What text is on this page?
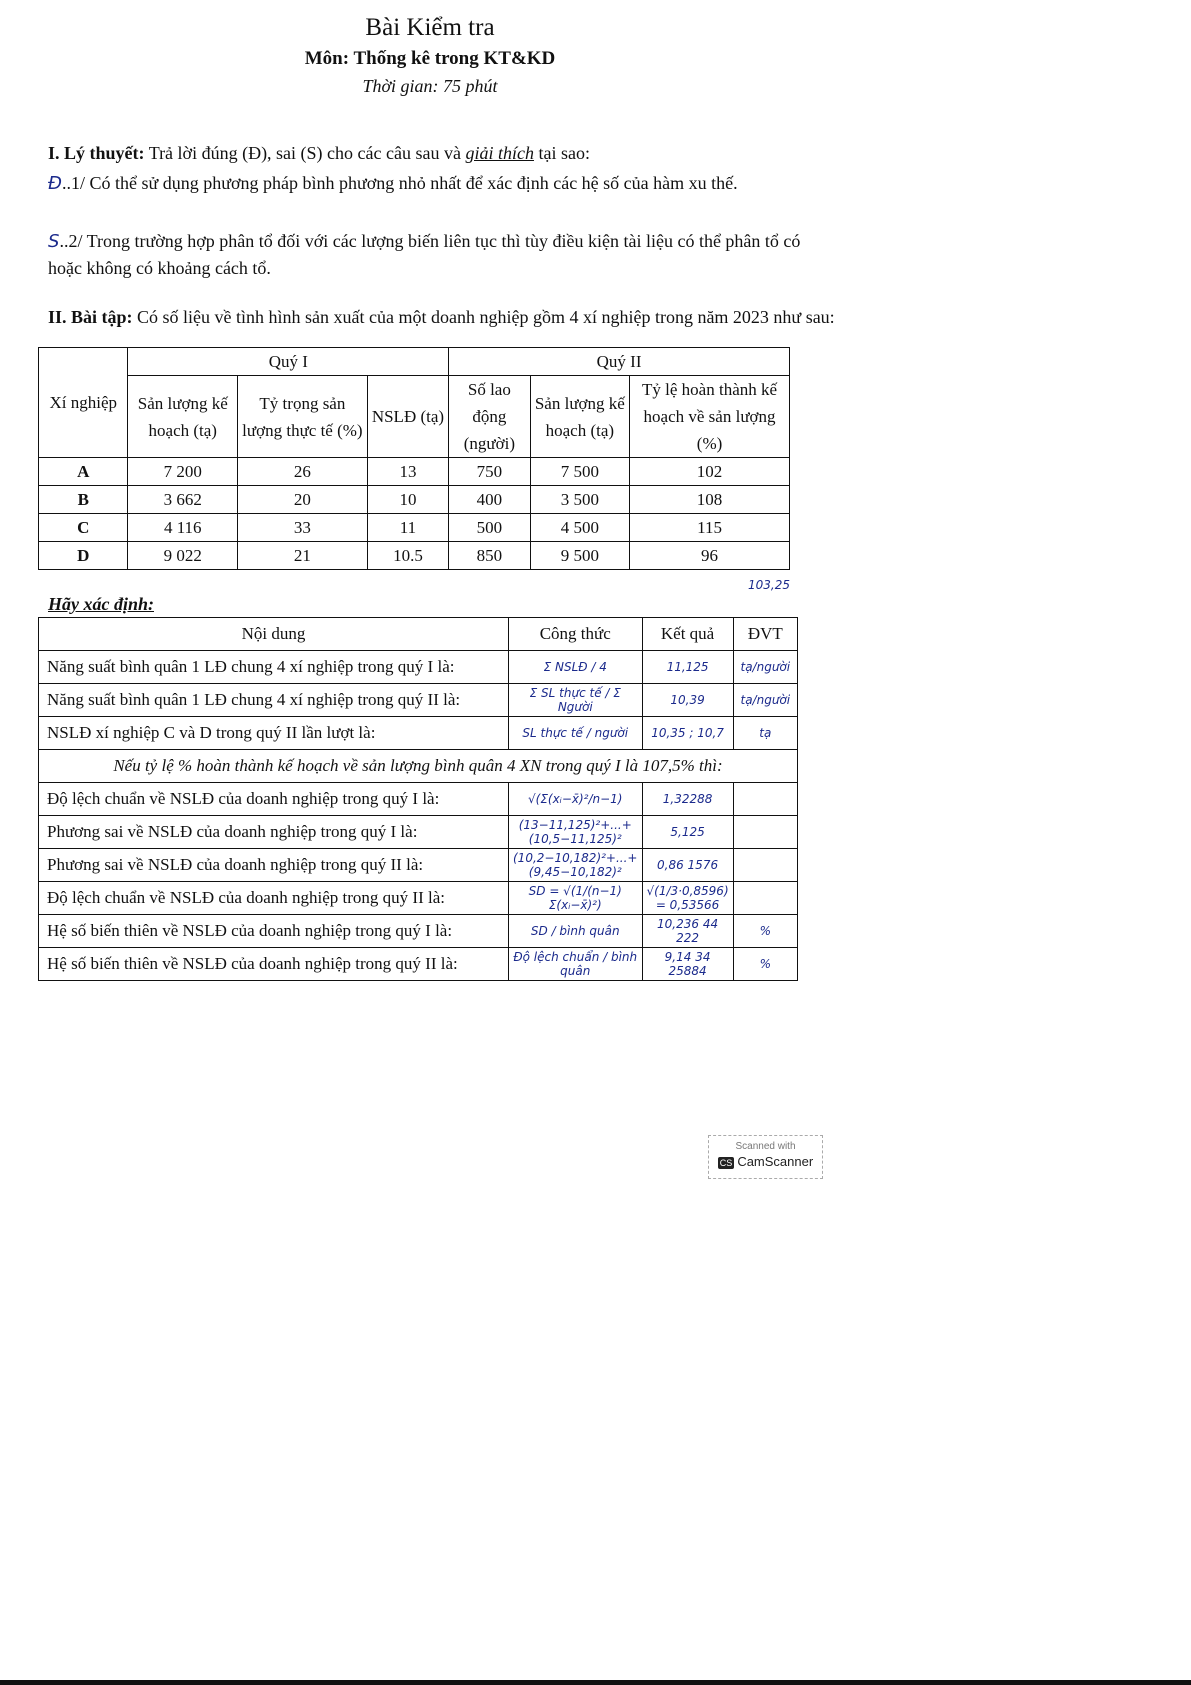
Bài Kiểm tra
Môn: Thống kê trong KT&KD
Thời gian: 75 phút
I. Lý thuyết: Trả lời đúng (Đ), sai (S) cho các câu sau và giải thích tại sao:
Đ..1/ Có thể sử dụng phương pháp bình phương nhỏ nhất để xác định các hệ số của hàm xu thế.
S..2/ Trong trường hợp phân tổ đối với các lượng biến liên tục thì tùy điều kiện tài liệu có thể phân tổ có hoặc không có khoảng cách tổ.
II. Bài tập: Có số liệu về tình hình sản xuất của một doanh nghiệp gồm 4 xí nghiệp trong năm 2023 như sau:
Xí nghiệp	Quý I			Quý II		
	Sản lượng kế hoạch (tạ)	Tỷ trọng sản lượng thực tế (%)	NSLĐ (tạ)	Số lao động (người)	Sản lượng kế hoạch (tạ)	Tỷ lệ hoàn thành kế hoạch về sản lượng (%)
A	7 200	26	13	750	7 500	102
B	3 662	20	10	400	3 500	108
C	4 116	33	11	500	4 500	115
D	9 022	21	10.5	850	9 500	96
103,25
Hãy xác định:
Nội dung	Công thức	Kết quả	ĐVT
Năng suất bình quân 1 LĐ chung 4 xí nghiệp trong quý I là:	Σ NSLĐ / 4	11,125	tạ/người
Năng suất bình quân 1 LĐ chung 4 xí nghiệp trong quý II là:	Σ SL thực tế / Σ Người	10,39	tạ/người
NSLĐ xí nghiệp C và D trong quý II lần lượt là:	SL thực tế / người	10,35 ; 10,7	tạ
Nếu tỷ lệ % hoàn thành kế hoạch về sản lượng bình quân 4 XN trong quý I là 107,5% thì:			
Độ lệch chuẩn về NSLĐ của doanh nghiệp trong quý I là:	√(Σ(xᵢ−x̄)²/n−1)	1,32288	
Phương sai về NSLĐ của doanh nghiệp trong quý I là:	(13−11,125)²+...+(10,5−11,125)²	5,125	
Phương sai về NSLĐ của doanh nghiệp trong quý II là:	(10,2−10,182)²+...+(9,45−10,182)²	0,86 1576	
Độ lệch chuẩn về NSLĐ của doanh nghiệp trong quý II là:	SD = √(1/(n−1) Σ(xᵢ−x̄)²)	√(1/3·0,8596) = 0,53566	
Hệ số biến thiên về NSLĐ của doanh nghiệp trong quý I là:	SD / bình quân	10,236 44 222	%
Hệ số biến thiên về NSLĐ của doanh nghiệp trong quý II là:	Độ lệch chuẩn / bình quân	9,14 34 25884	%
Scanned with
CS CamScanner
